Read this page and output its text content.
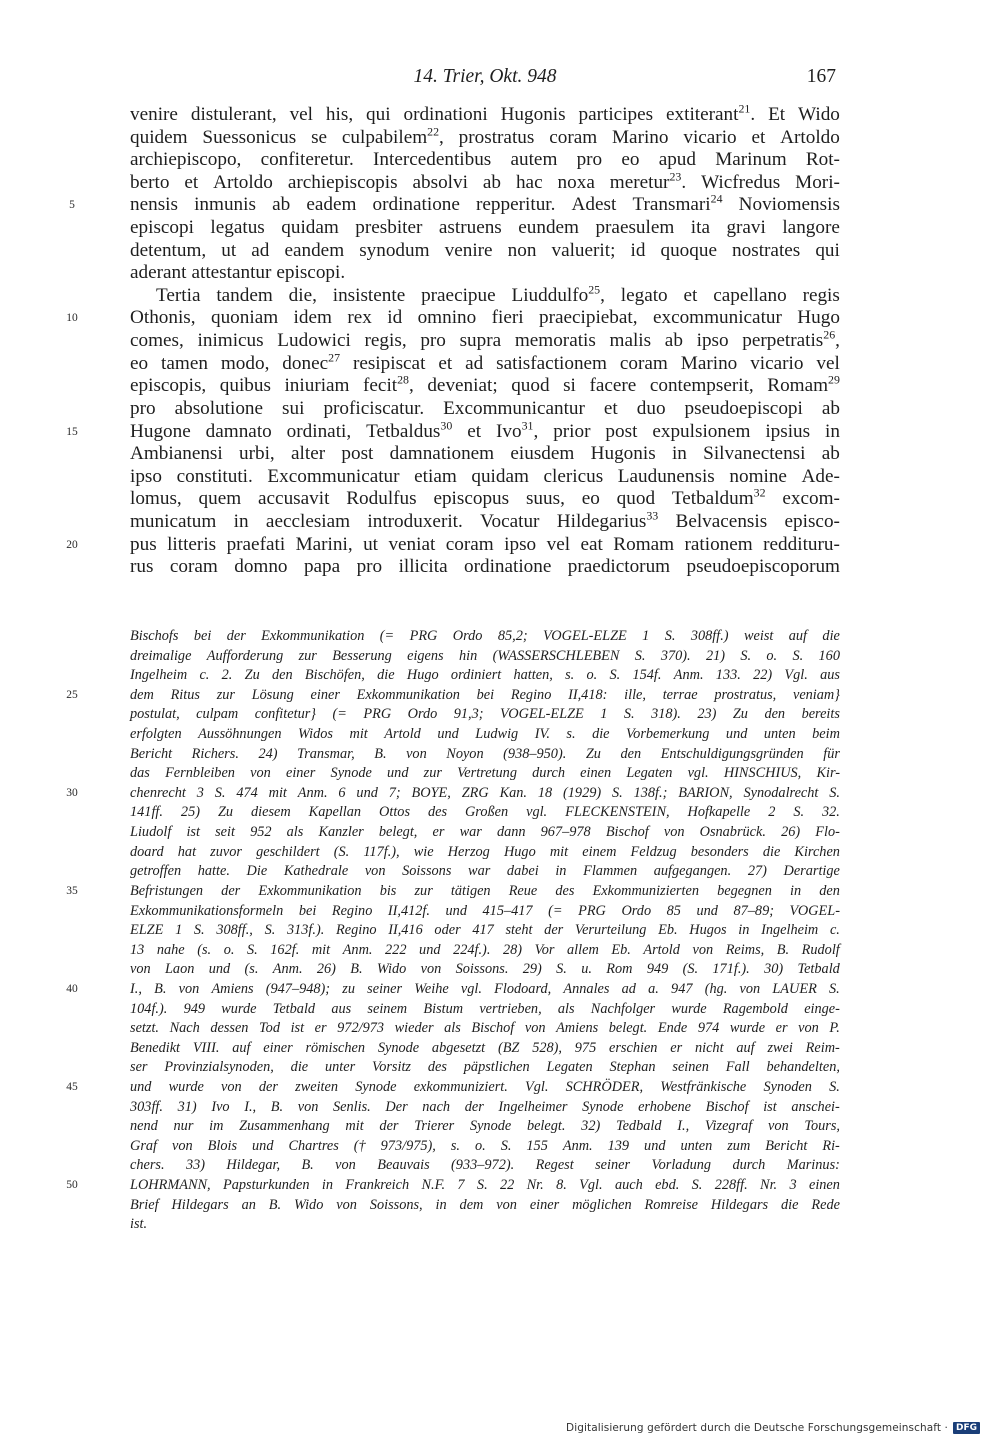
14. Trier, Okt. 948	167
venire distulerant, vel his, qui ordinationi Hugonis participes extiterant$^{21}$. Et Wido
quidem Suessonicus se culpabilem$^{22}$, prostratus coram Marino vicario et Artoldo
archiepiscopo, confiteretur. Intercedentibus autem pro eo apud Marinum Rot-
berto et Artoldo archiepiscopis absolvi ab hac noxa meretur$^{23}$. Wicfredus Mori-
5	nensis inmunis ab eadem ordinatione repperitur. Adest Transmari$^{24}$ Noviomensis
episcopi legatus quidam presbiter astruens eundem praesulem ita gravi langore
detentum, ut ad eandem synodum venire non valuerit; id quoque nostrates qui
aderant attestantur episcopi.
Tertia tandem die, insistente praecipue Liuddulfo$^{25}$, legato et capellano regis
10	Othonis, quoniam idem rex id omnino fieri praecipiebat, excommunicatur Hugo
comes, inimicus Ludowici regis, pro supra memoratis malis ab ipso perpetratis$^{26}$,
eo tamen modo, donec$^{27}$ resipiscat et ad satisfactionem coram Marino vicario vel
episcopis, quibus iniuriam fecit$^{28}$, deveniat; quod si facere contempserit, Romam$^{29}$
pro absolutione sui proficiscatur. Excommunicantur et duo pseudoepiscopi ab
15	Hugone damnato ordinati, Tetbaldus$^{30}$ et Ivo$^{31}$, prior post expulsionem ipsius in
Ambianensi urbi, alter post damnationem eiusdem Hugonis in Silvanectensi ab
ipso constituti. Excommunicatur etiam quidam clericus Laudunensis nomine Ade-
lomus, quem accusavit Rodulfus episcopus suus, eo quod Tetbaldum$^{32}$ excom-
municatum in aecclesiam introduxerit. Vocatur Hildegarius$^{33}$ Belvacensis episco-
20	pus litteris praefati Marini, ut veniat coram ipso vel eat Romam rationem reddituru-
rus coram domno papa pro illicita ordinatione praedictorum pseudoepiscoporum
Bischofs bei der Exkommunikation (= PRG Ordo 85,2; VOGEL-ELZE 1 S. 308ff.) weist auf die
dreimalige Aufforderung zur Besserung eigens hin (WASSERSCHLEBEN S. 370). 21) S. o. S. 160
Ingelheim c. 2. Zu den Bischöfen, die Hugo ordiniert hatten, s. o. S. 154f. Anm. 133. 22) Vgl. aus
25	dem Ritus zur Lösung einer Exkommunikation bei Regino II,418: ille, terrae prostratus, veniam}
postulat, culpam confitetur} (= PRG Ordo 91,3; VOGEL-ELZE 1 S. 318). 23) Zu den bereits
erfolgten Aussöhnungen Widos mit Artold und Ludwig IV. s. die Vorbemerkung und unten beim
Bericht Richers. 24) Transmar, B. von Noyon (938–950). Zu den Entschuldigungsgründen für
das Fernbleiben von einer Synode und zur Vertretung durch einen Legaten vgl. HINSCHIUS, Kir-
30	chenrecht 3 S. 474 mit Anm. 6 und 7; BOYE, ZRG Kan. 18 (1929) S. 138f.; BARION, Synodalrecht S.
141ff. 25) Zu diesem Kapellan Ottos des Großen vgl. FLECKENSTEIN, Hofkapelle 2 S. 32.
Liudolf ist seit 952 als Kanzler belegt, er war dann 967–978 Bischof von Osnabrück. 26) Flo-
doard hat zuvor geschildert (S. 117f.), wie Herzog Hugo mit einem Feldzug besonders die Kirchen
getroffen hatte. Die Kathedrale von Soissons war dabei in Flammen aufgegangen. 27) Derartige
35	Befristungen der Exkommunikation bis zur tätigen Reue des Exkommunizierten begegnen in den
Exkommunikationsformeln bei Regino II,412f. und 415–417 (= PRG Ordo 85 und 87–89; VOGEL-
ELZE 1 S. 308ff., S. 313f.). Regino II,416 oder 417 steht der Verurteilung Eb. Hugos in Ingelheim c.
13 nahe (s. o. S. 162f. mit Anm. 222 und 224f.). 28) Vor allem Eb. Artold von Reims, B. Rudolf
von Laon und (s. Anm. 26) B. Wido von Soissons. 29) S. u. Rom 949 (S. 171f.). 30) Tetbald
40	I., B. von Amiens (947–948); zu seiner Weihe vgl. Flodoard, Annales ad a. 947 (hg. von LAUER S.
104f.). 949 wurde Tetbald aus seinem Bistum vertrieben, als Nachfolger wurde Ragembold einge-
setzt. Nach dessen Tod ist er 972/973 wieder als Bischof von Amiens belegt. Ende 974 wurde er von P.
Benedikt VIII. auf einer römischen Synode abgesetzt (BZ 528), 975 erschien er nicht auf zwei Reim-
ser Provinzialsynoden, die unter Vorsitz des päpstlichen Legaten Stephan seinen Fall behandelten,
45	und wurde von der zweiten Synode exkommuniziert. Vgl. SCHRÖDER, Westfränkische Synoden S.
303ff. 31) Ivo I., B. von Senlis. Der nach der Ingelheimer Synode erhobene Bischof ist anschei-
nend nur im Zusammenhang mit der Trierer Synode belegt. 32) Tedbald I., Vizegraf von Tours,
Graf von Blois und Chartres († 973/975), s. o. S. 155 Anm. 139 und unten zum Bericht Ri-
chers. 33) Hildegar, B. von Beauvais (933–972). Regest seiner Vorladung durch Marinus:
50	LOHRMANN, Papsturkunden in Frankreich N.F. 7 S. 22 Nr. 8. Vgl. auch ebd. S. 228ff. Nr. 3 einen
Brief Hildegars an B. Wido von Soissons, in dem von einer möglichen Romreise Hildegars die Rede
ist.
Digitalisierung gefördert durch die Deutsche Forschungsgemeinschaft · DFG
